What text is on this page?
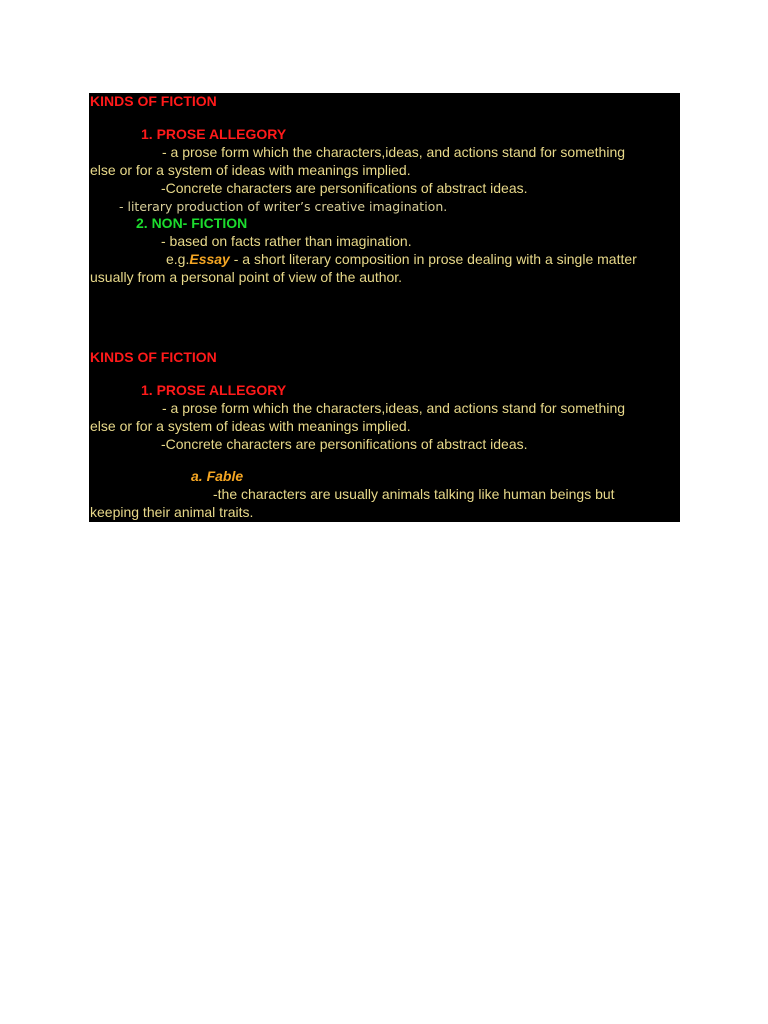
KINDS OF FICTION
1. PROSE ALLEGORY
- a prose form which the characters,ideas, and actions stand for something
else or for a system of ideas with meanings implied.
-Concrete characters are personifications of abstract ideas.
- literary production of writer’s creative imagination.
2. NON- FICTION
- based on facts rather than imagination.
e.g.Essay - a short literary composition in prose dealing with a single matter
usually from a personal point of view of the author.
KINDS OF FICTION
1. PROSE ALLEGORY
- a prose form which the characters,ideas, and actions stand for something
else or for a system of ideas with meanings implied.
-Concrete characters are personifications of abstract ideas.
a. Fable
-the characters are usually animals talking like human beings but
keeping their animal traits.
